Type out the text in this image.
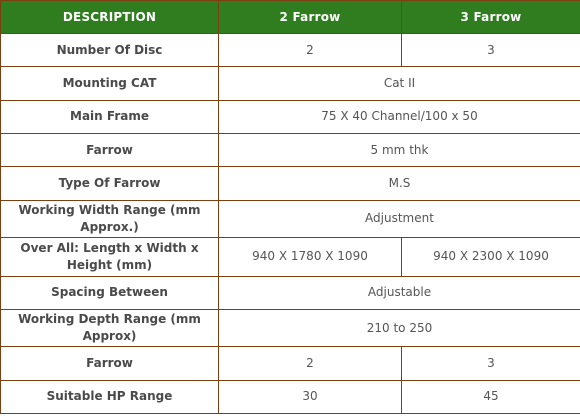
DESCRIPTION	2 Farrow	3 Farrow
Number Of Disc	2	3
Mounting CAT	Cat II	
Main Frame	75 X 40 Channel/100 x 50	
Farrow	5 mm thk	
Type Of Farrow	M.S	
Working Width Range (mm Approx.)	Adjustment	
Over All: Length x Width x Height (mm)	940 X 1780 X 1090	940 X 2300 X 1090
Spacing Between	Adjustable	
Working Depth Range (mm Approx)	210 to 250	
Farrow	2	3
Suitable HP Range	30	45
